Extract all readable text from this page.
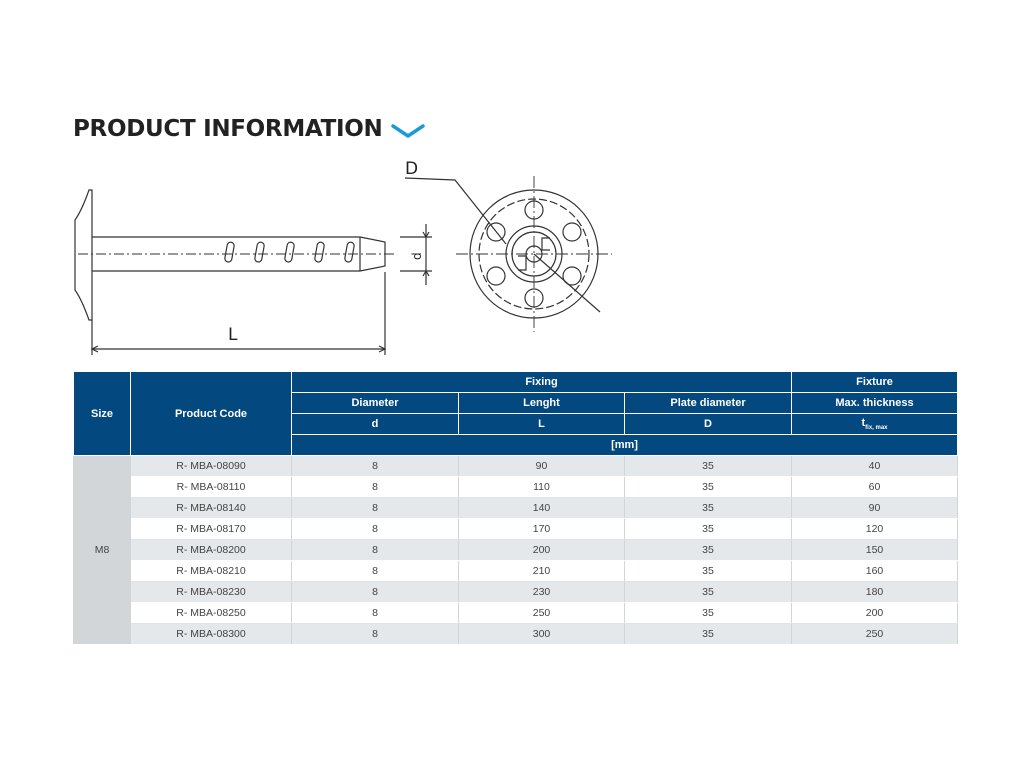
PRODUCT INFORMATION
D
L
d
Size	Product Code	Fixing			Fixture
		Diameter	Lenght	Plate diameter	Max. thickness
		d	L	D	$t_{fix, max}$
		[mm]			
M8	R- MBA-08090	8	90	35	40
	R- MBA-08110	8	110	35	60
	R- MBA-08140	8	140	35	90
	R- MBA-08170	8	170	35	120
	R- MBA-08200	8	200	35	150
	R- MBA-08210	8	210	35	160
	R- MBA-08230	8	230	35	180
	R- MBA-08250	8	250	35	200
	R- MBA-08300	8	300	35	250
